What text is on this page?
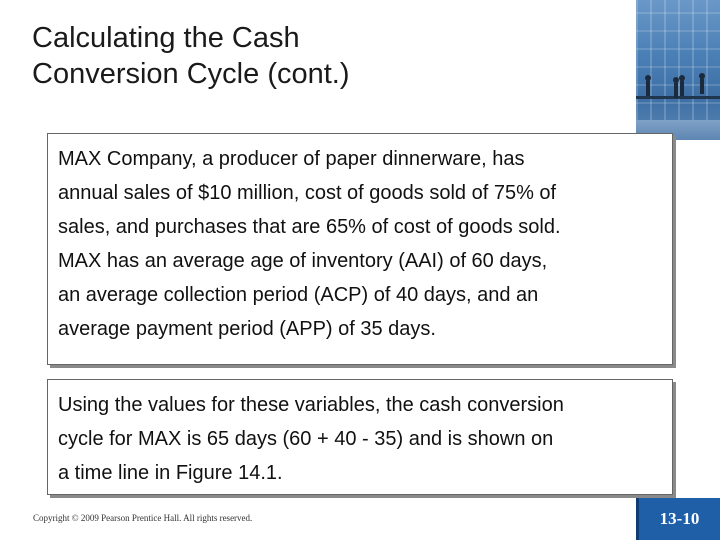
Calculating the Cash
Conversion Cycle (cont.)
MAX Company, a producer of paper dinnerware, has
annual sales of $10 million, cost of goods sold of 75% of
sales, and purchases that are 65% of cost of goods sold.
MAX has an average age of inventory (AAI) of 60 days,
an average collection period (ACP) of 40 days, and an
average payment period (APP) of 35 days.
Using the values for these variables, the cash conversion
cycle for MAX is 65 days (60 + 40 - 35) and is shown on
a time line in Figure 14.1.
Copyright © 2009 Pearson Prentice Hall. All rights reserved.	13-10
